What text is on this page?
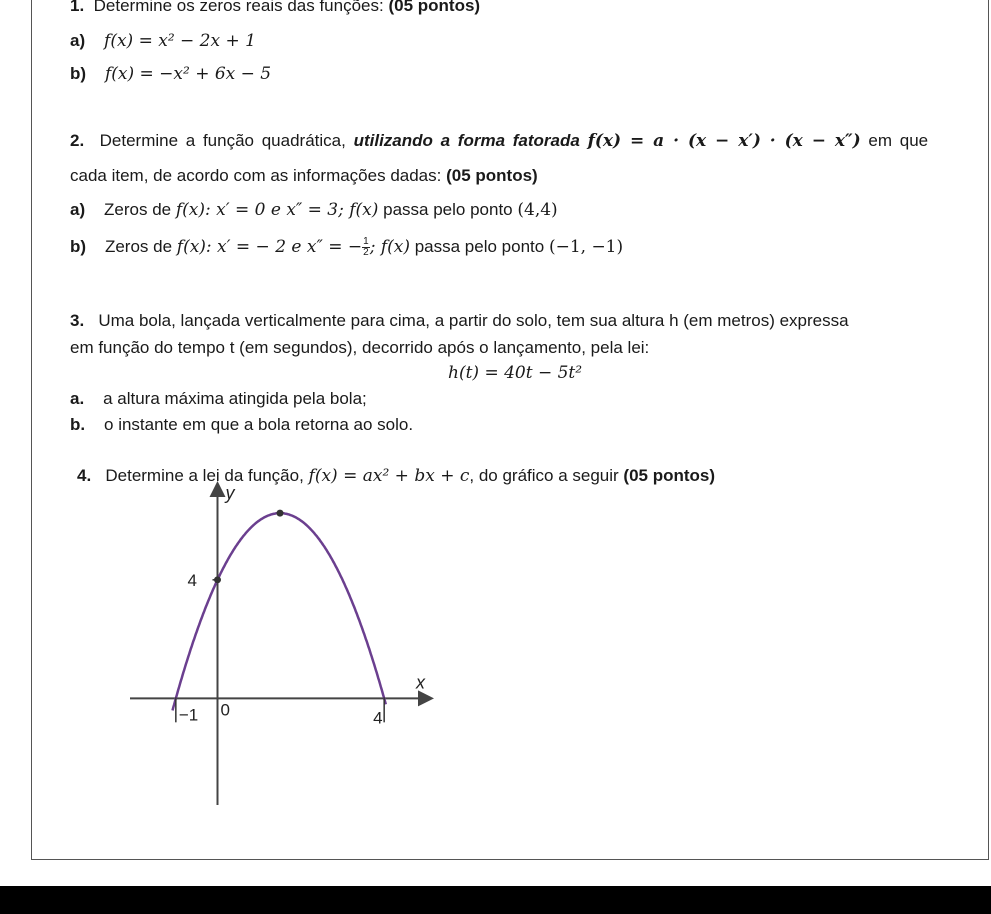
1. Determine os zeros reais das funções: (05 pontos)
a) f(x) = x² − 2x + 1
b) f(x) = −x² + 6x − 5
2. Determine a função quadrática, utilizando a forma fatorada f(x) = a · (x − x′) · (x − x″) em que
cada item, de acordo com as informações dadas: (05 pontos)
a) Zeros de f(x): x′ = 0 e x″ = 3; f(x) passa pelo ponto (4,4)
b) Zeros de f(x): x′ = − 2 e x″ = − $\frac{1}{2}$ ; f(x) passa pelo ponto (−1, −1)
3. Uma bola, lançada verticalmente para cima, a partir do solo, tem sua altura h (em metros) expressa
em função do tempo t (em segundos), decorrido após o lançamento, pela lei:
h(t) = 40t − 5t²
a. a altura máxima atingida pela bola;
b. o instante em que a bola retorna ao solo.
4. Determine a lei da função, f(x) = ax² + bx + c, do gráfico a seguir (05 pontos)
y
x
4
−1 0	4
